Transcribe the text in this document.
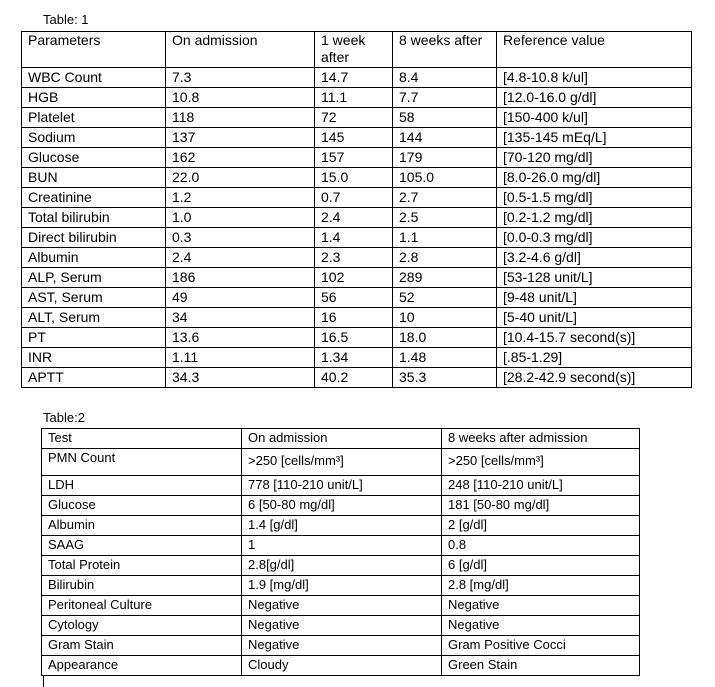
Table: 1
Parameters	On admission	1 week after	8 weeks after	Reference value
WBC Count	7.3	14.7	8.4	[4.8-10.8 k/ul]
HGB	10.8	11.1	7.7	[12.0-16.0 g/dl]
Platelet	118	72	58	[150-400 k/ul]
Sodium	137	145	144	[135-145 mEq/L]
Glucose	162	157	179	[70-120 mg/dl]
BUN	22.0	15.0	105.0	[8.0-26.0 mg/dl]
Creatinine	1.2	0.7	2.7	[0.5-1.5 mg/dl]
Total bilirubin	1.0	2.4	2.5	[0.2-1.2 mg/dl]
Direct bilirubin	0.3	1.4	1.1	[0.0-0.3 mg/dl]
Albumin	2.4	2.3	2.8	[3.2-4.6 g/dl]
ALP, Serum	186	102	289	[53-128 unit/L]
AST, Serum	49	56	52	[9-48 unit/L]
ALT, Serum	34	16	10	[5-40 unit/L]
PT	13.6	16.5	18.0	[10.4-15.7 second(s)]
INR	1.11	1.34	1.48	[.85-1.29]
APTT	34.3	40.2	35.3	[28.2-42.9 second(s)]
Table:2
Test	On admission	8 weeks after admission
PMN Count	>250 [cells/mm³]	>250 [cells/mm³]
LDH	778 [110-210 unit/L]	248 [110-210 unit/L]
Glucose	6 [50-80 mg/dl]	181 [50-80 mg/dl]
Albumin	1.4 [g/dl]	2 [g/dl]
SAAG	1	0.8
Total Protein	2.8[g/dl]	6 [g/dl]
Bilirubin	1.9 [mg/dl]	2.8 [mg/dl]
Peritoneal Culture	Negative	Negative
Cytology	Negative	Negative
Gram Stain	Negative	Gram Positive Cocci
Appearance	Cloudy	Green Stain
